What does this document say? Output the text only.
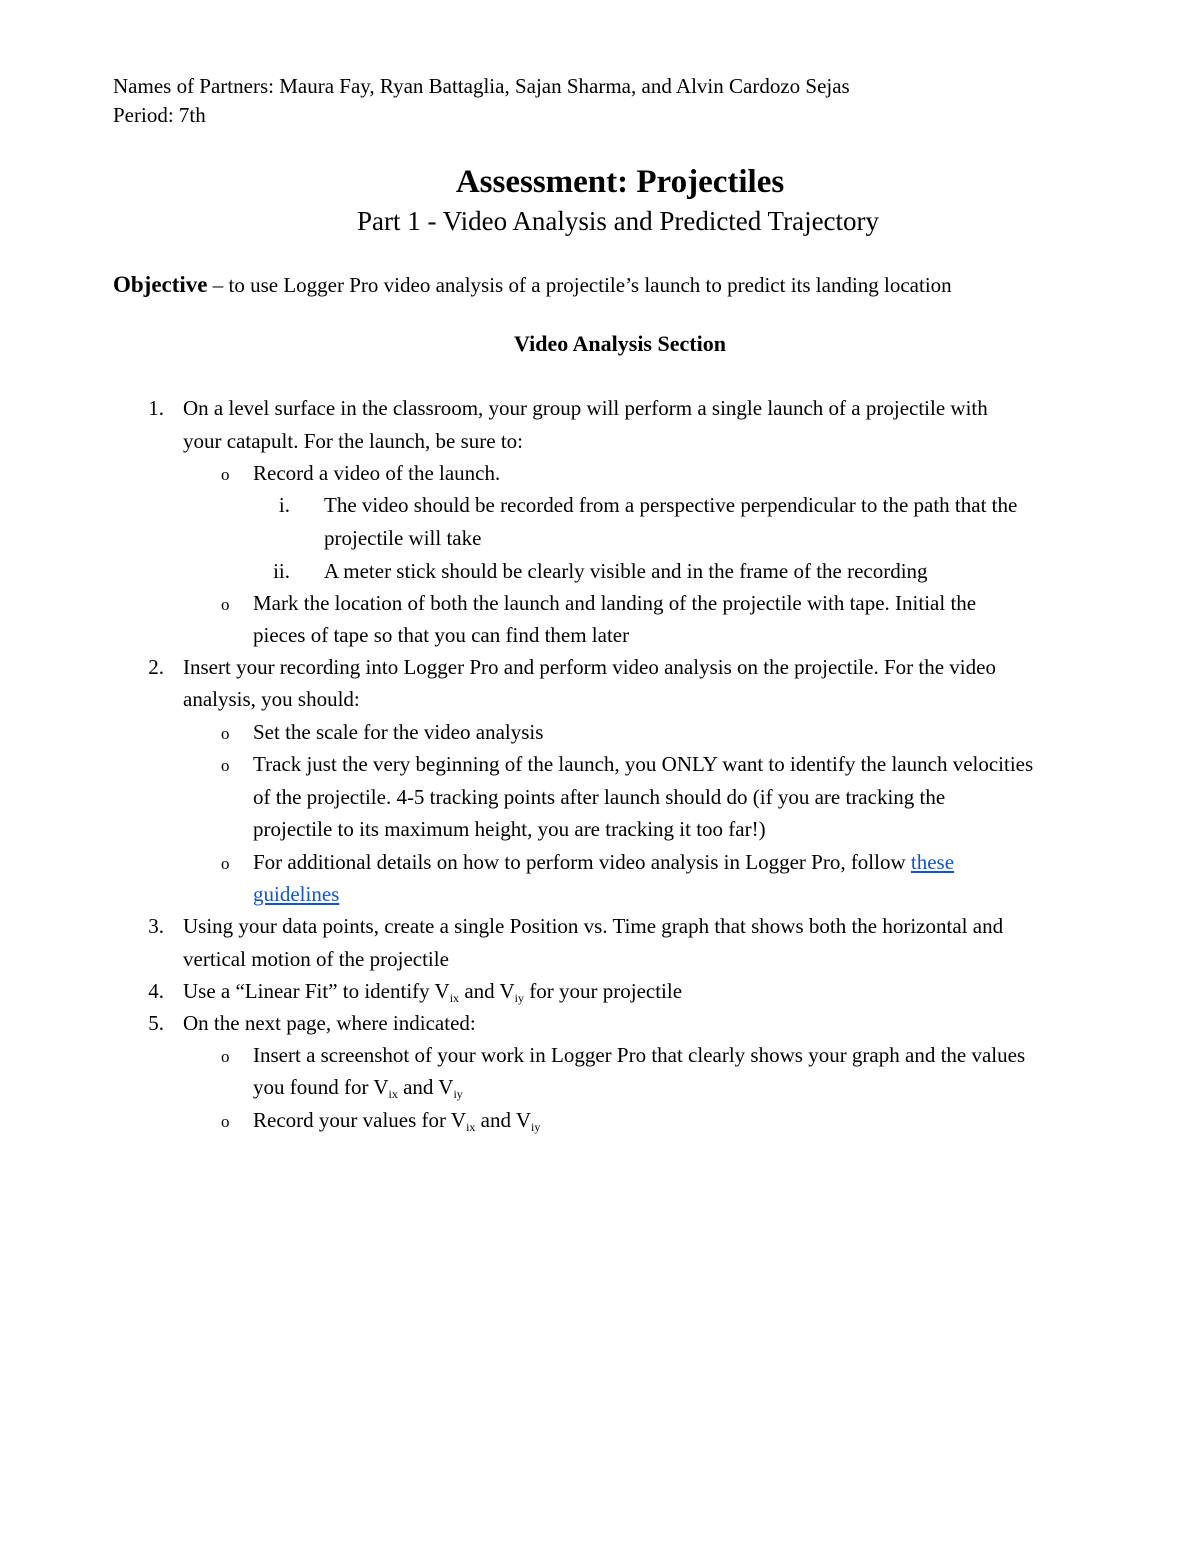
Names of Partners: Maura Fay, Ryan Battaglia, Sajan Sharma, and Alvin Cardozo Sejas
Period: 7th
Assessment: Projectiles
Part 1 - Video Analysis and Predicted Trajectory
Objective – to use Logger Pro video analysis of a projectile’s launch to predict its landing location
Video Analysis Section
1. On a level surface in the classroom, your group will perform a single launch of a projectile with
your catapult. For the launch, be sure to:
o Record a video of the launch.
i. The video should be recorded from a perspective perpendicular to the path that the
projectile will take
ii. A meter stick should be clearly visible and in the frame of the recording
o Mark the location of both the launch and landing of the projectile with tape. Initial the
pieces of tape so that you can find them later
2. Insert your recording into Logger Pro and perform video analysis on the projectile. For the video
analysis, you should:
o Set the scale for the video analysis
o Track just the very beginning of the launch, you ONLY want to identify the launch velocities
of the projectile. 4-5 tracking points after launch should do (if you are tracking the
projectile to its maximum height, you are tracking it too far!)
o For additional details on how to perform video analysis in Logger Pro, follow these
guidelines
3. Using your data points, create a single Position vs. Time graph that shows both the horizontal and
vertical motion of the projectile
4. Use a “Linear Fit” to identify $V_{ix}$ and $V_{iy}$ for your projectile
5. On the next page, where indicated:
o Insert a screenshot of your work in Logger Pro that clearly shows your graph and the values
you found for $V_{ix}$ and $V_{iy}$
o Record your values for $V_{ix}$ and $V_{iy}$
